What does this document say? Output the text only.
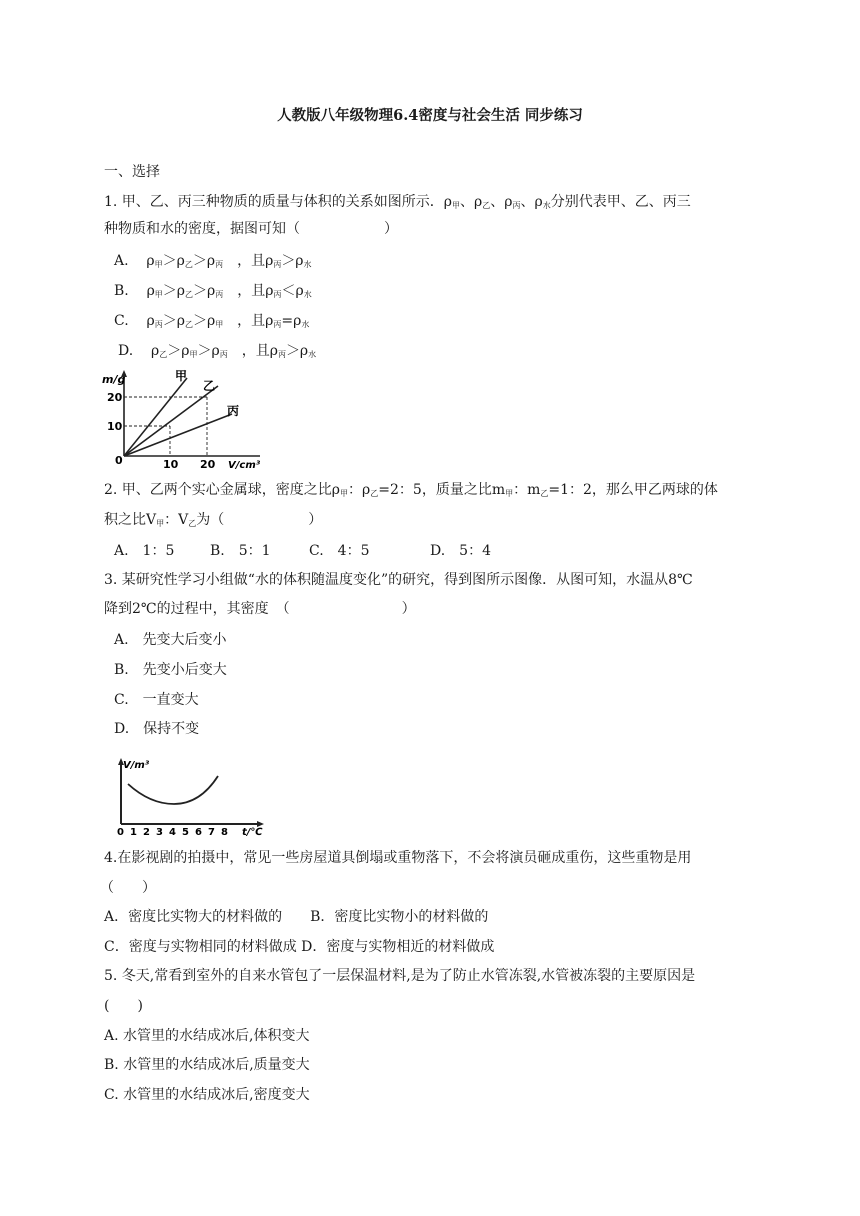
人教版八年级物理6.4密度与社会生活 同步练习
一、选择
1. 甲、乙、丙三种物质的质量与体积的关系如图所示．$\rho_甲$、$\rho_乙$、$\rho_丙$、$\rho_水$分别代表甲、乙、丙三
种物质和水的密度，据图可知（　　　　　　）
A. $\rho_甲>\rho_乙>\rho_丙$　，且$\rho_丙>\rho_水$
B. $\rho_甲>\rho_乙>\rho_丙$　，且$\rho_丙<\rho_水$
C. $\rho_丙>\rho_乙>\rho_甲$　，且$\rho_丙=\rho_水$
D. $\rho_乙>\rho_甲>\rho_丙$　，且$\rho_丙>\rho_水$
m/g
20
10
0	10 20 V/cm³
甲
乙
丙
2. 甲、乙两个实心金属球，密度之比$\rho_甲$：$\rho_乙=2$：5，质量之比$m_甲$：$m_乙=1$：2，那么甲乙两球的体
积之比$V_甲$：$V_乙$为（　　　　　　）
A.　1：5	B.　5：1	C.　4：5	D.　5：4
3. 某研究性学习小组做“水的体积随温度变化”的研究，得到图所示图像．从图可知，水温从8℃
降到2℃的过程中，其密度　（　　　　　　　　）
A.　先变大后变小
B.　先变小后变大
C.　一直变大
D.　保持不变
V/m³
0 1 2 3 4 5 6 7 8 t/℃
4.在影视剧的拍摄中，常见一些房屋道具倒塌或重物落下，不会将演员砸成重伤，这些重物是用
（　　）
A．密度比实物大的材料做的　　B．密度比实物小的材料做的
C．密度与实物相同的材料做成 D．密度与实物相近的材料做成
5. 冬天,常看到室外的自来水管包了一层保温材料,是为了防止水管冻裂,水管被冻裂的主要原因是
(　　)
A. 水管里的水结成冰后,体积变大
B. 水管里的水结成冰后,质量变大
C. 水管里的水结成冰后,密度变大
